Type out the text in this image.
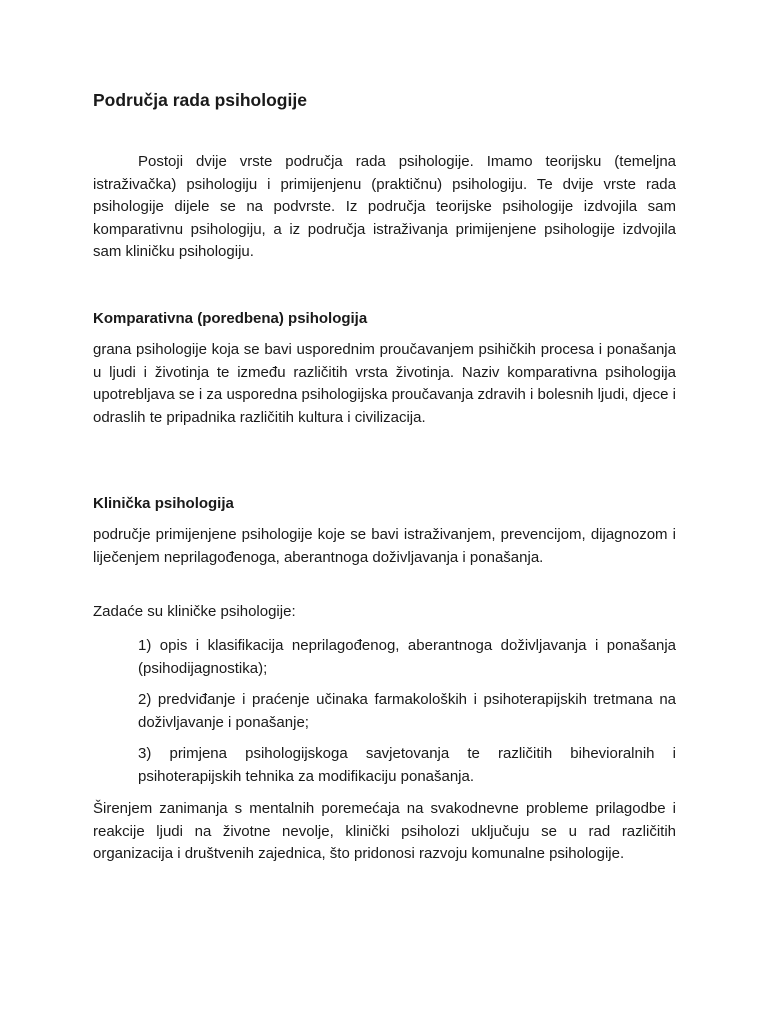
Područja rada psihologije

Postoji dvije vrste područja rada psihologije. Imamo teorijsku (temeljna istraživačka) psihologiju i primijenjenu (praktičnu) psihologiju. Te dvije vrste rada psihologije dijele se na podvrste. Iz područja teorijske psihologije izdvojila sam komparativnu psihologiju, a iz područja istraživanja primijenjene psihologije izdvojila sam kliničku psihologiju.

Komparativna (poredbena) psihologija

grana psihologije koja se bavi usporednim proučavanjem psihičkih procesa i ponašanja u ljudi i životinja te između različitih vrsta životinja. Naziv komparativna psihologija upotrebljava se i za usporedna psihologijska proučavanja zdravih i bolesnih ljudi, djece i odraslih te pripadnika različitih kultura i civilizacija.

Klinička psihologija

područje primijenjene psihologije koje se bavi istraživanjem, prevencijom, dijagnozom i liječenjem neprilagođenoga, aberantnoga doživljavanja i ponašanja.

Zadaće su kliničke psihologije:

1) opis i klasifikacija neprilagođenog, aberantnoga doživljavanja i ponašanja (psihodijagnostika);

2) predviđanje i praćenje učinaka farmakoloških i psihoterapijskih tretmana na doživljavanje i ponašanje;

3) primjena psihologijskoga savjetovanja te različitih bihevioralnih i psihoterapijskih tehnika za modifikaciju ponašanja.

Širenjem zanimanja s mentalnih poremećaja na svakodnevne probleme prilagodbe i reakcije ljudi na životne nevolje, klinički psiholozi uključuju se u rad različitih organizacija i društvenih zajednica, što pridonosi razvoju komunalne psihologije.
